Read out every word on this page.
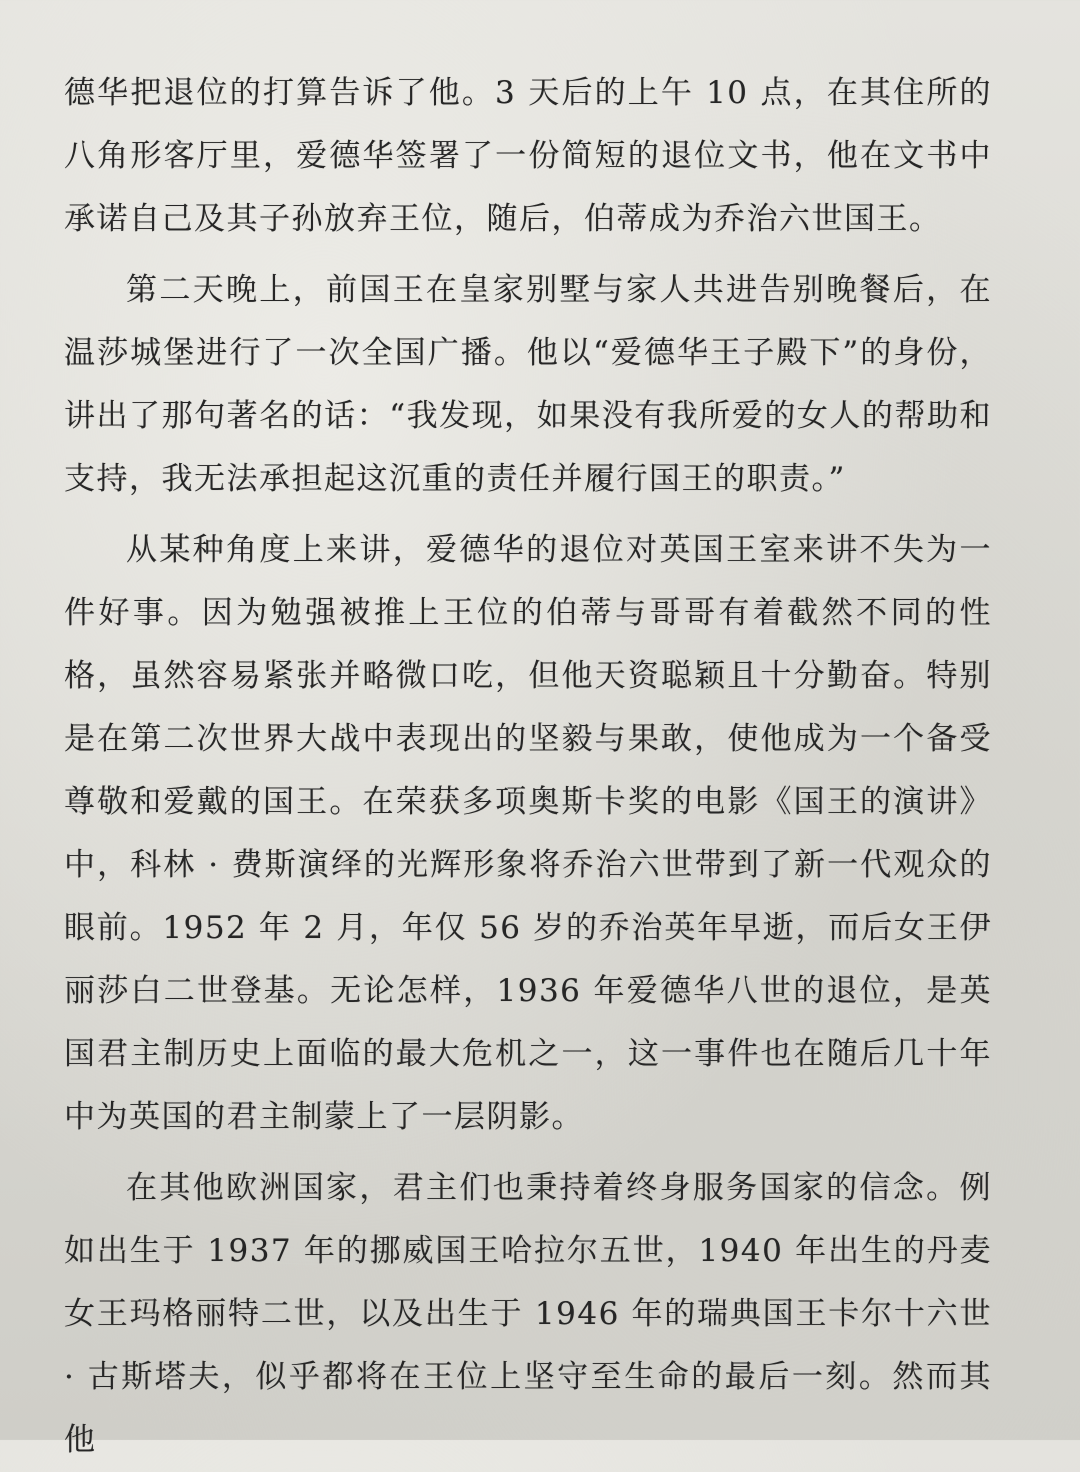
德华把退位的打算告诉了他。3 天后的上午 10 点，在其住所的八角形客厅里，爱德华签署了一份简短的退位文书，他在文书中承诺自己及其子孙放弃王位，随后，伯蒂成为乔治六世国王。

第二天晚上，前国王在皇家别墅与家人共进告别晚餐后，在温莎城堡进行了一次全国广播。他以“爱德华王子殿下”的身份，讲出了那句著名的话：“我发现，如果没有我所爱的女人的帮助和支持，我无法承担起这沉重的责任并履行国王的职责。”

从某种角度上来讲，爱德华的退位对英国王室来讲不失为一件好事。因为勉强被推上王位的伯蒂与哥哥有着截然不同的性格，虽然容易紧张并略微口吃，但他天资聪颖且十分勤奋。特别是在第二次世界大战中表现出的坚毅与果敢，使他成为一个备受尊敬和爱戴的国王。在荣获多项奥斯卡奖的电影《国王的演讲》中，科林 · 费斯演绎的光辉形象将乔治六世带到了新一代观众的眼前。1952 年 2 月，年仅 56 岁的乔治英年早逝，而后女王伊丽莎白二世登基。无论怎样，1936 年爱德华八世的退位，是英国君主制历史上面临的最大危机之一，这一事件也在随后几十年中为英国的君主制蒙上了一层阴影。

在其他欧洲国家，君主们也秉持着终身服务国家的信念。例如出生于 1937 年的挪威国王哈拉尔五世，1940 年出生的丹麦女王玛格丽特二世，以及出生于 1946 年的瑞典国王卡尔十六世 · 古斯塔夫，似乎都将在王位上坚守至生命的最后一刻。然而其他
